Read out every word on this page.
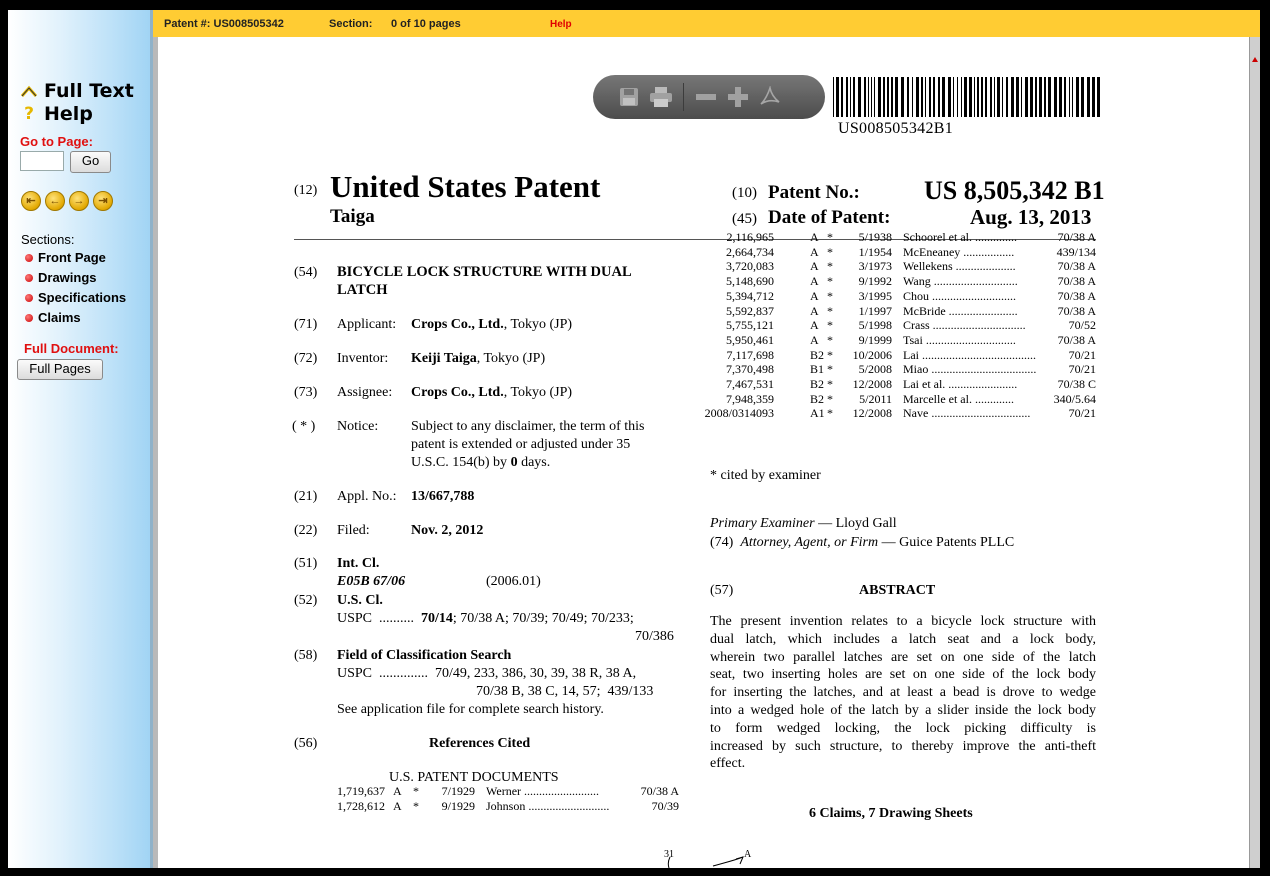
Full Text
? Help
Go to Page:
Go
⇤	←	→	⇥
Sections:
Front Page
Drawings
Specifications
Claims
Full Document:
Full Pages
Patent #: US008505342	Section: 0 of 10 pages	Help
US008505342B1
(12) United States Patent
Taiga
(10) Patent No.: US 8,505,342 B1
(45) Date of Patent:	Aug. 13, 2013
(54) BICYCLE LOCK STRUCTURE WITH DUAL
LATCH
(71) Applicant: Crops Co., Ltd., Tokyo (JP)
(72) Inventor: Keiji Taiga, Tokyo (JP)
(73) Assignee: Crops Co., Ltd., Tokyo (JP)
( * ) Notice: Subject to any disclaimer, the term of this
patent is extended or adjusted under 35
U.S.C. 154(b) by 0 days.
(21) Appl. No.: 13/667,788
(22) Filed:	Nov. 2, 2012
(51) Int. Cl.
E05B 67/06	(2006.01)
(52) U.S. Cl.
USPC  ..........  70/14; 70/38 A; 70/39; 70/49; 70/233;
70/386
(58) Field of Classification Search
USPC  ..............  70/49, 233, 386, 30, 39, 38 R, 38 A,
70/38 B, 38 C, 14, 57;  439/133
See application file for complete search history.
(56)	References Cited
U.S. PATENT DOCUMENTS
1,719,637 A * 7/1929 Werner .........................	70/38 A
1,728,612 A * 9/1929 Johnson ...........................	70/39
2,116,965	A * 5/1938 Schoorel et al. ..............	70/38 A
2,664,734	A * 1/1954 McEneaney .................	439/134
3,720,083	A * 3/1973 Wellekens ....................	70/38 A
5,148,690	A * 9/1992 Wang ............................	70/38 A
5,394,712	A * 3/1995 Chou ............................	70/38 A
5,592,837	A * 1/1997 McBride .......................	70/38 A
5,755,121	A * 5/1998 Crass ...............................	70/52
5,950,461	A * 9/1999 Tsai ..............................	70/38 A
7,117,698	B2 * 10/2006 Lai ......................................	70/21
7,370,498	B1 * 5/2008 Miao ...................................	70/21
7,467,531	B2 * 12/2008 Lai et al. .......................	70/38 C
7,948,359	B2 * 5/2011 Marcelle et al. .............	340/5.64
2008/0314093	A1 * 12/2008 Nave .................................	70/21
* cited by examiner
Primary Examiner — Lloyd Gall
(74) Attorney, Agent, or Firm — Guice Patents PLLC
(57)	ABSTRACT
The present invention relates to a bicycle lock structure with
dual latch, which includes a latch seat and a lock body,
wherein two parallel latches are set on one side of the latch
seat, two inserting holes are set on one side of the lock body
for inserting the latches, and at least a bead is drove to wedge
into a wedged hole of the latch by a slider inside the lock body
to form wedged locking, the lock picking difficulty is
increased by such structure, to thereby improve the anti-theft
effect.
6 Claims, 7 Drawing Sheets
31	A
